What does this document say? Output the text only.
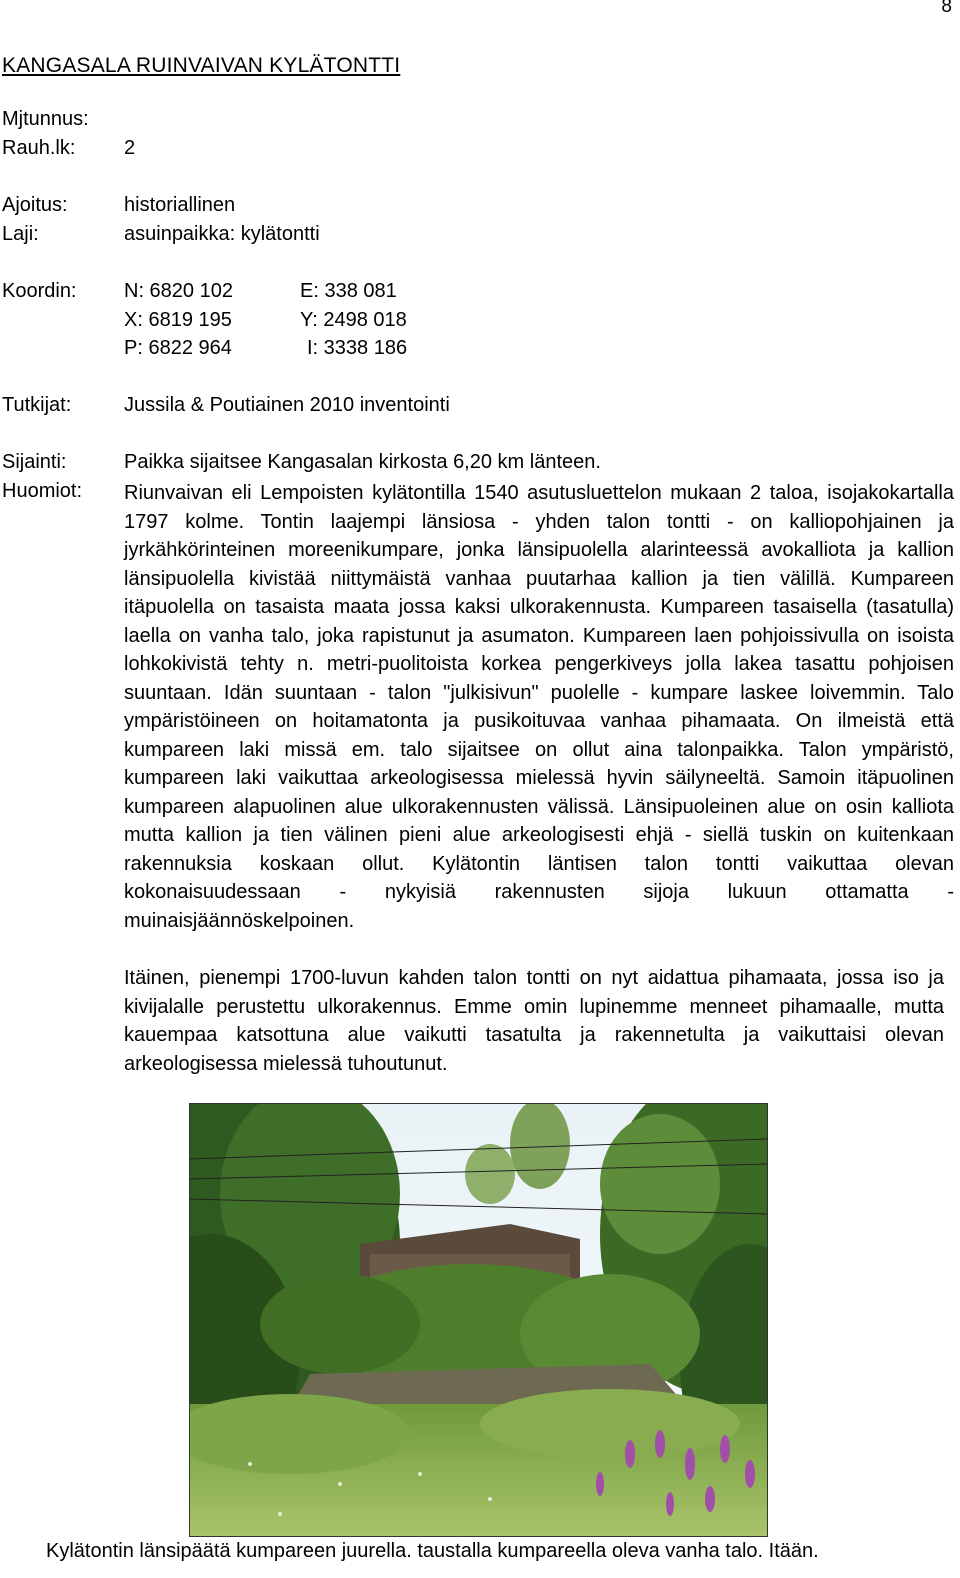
8
KANGASALA RUINVAIVAN KYLÄTONTTI
Mjtunnus:
Rauh.lk: 2
Ajoitus:	historiallinen
Laji:	asuinpaikka: kylätontti
Koordin: N: 6820 102	E: 338 081
X: 6819 195	Y: 2498 018
P: 6822 964	I: 3338 186
Tutkijat:	Jussila & Poutiainen 2010 inventointi
Sijainti:	Paikka sijaitsee Kangasalan kirkosta 6,20 km länteen.
Huomiot: Riunvaivan eli Lempoisten kylätontilla 1540 asutusluettelon mukaan 2 taloa, isojakokartalla 1797 kolme. Tontin laajempi länsiosa - yhden talon tontti - on kalliopohjainen ja jyrkähkörinteinen moreenikumpare, jonka länsipuolella alarinteessä avokalliota ja kallion länsipuolella kivistää niittymäistä vanhaa puutarhaa kallion ja tien välillä. Kumpareen itäpuolella on tasaista maata jossa kaksi ulkorakennusta. Kumpareen tasaisella (tasatulla) laella on vanha talo, joka rapistunut ja asumaton. Kumpareen laen pohjoissivulla on isoista lohkokivistä tehty n. metri-puolitoista korkea pengerkiveys jolla lakea tasattu pohjoisen suuntaan. Idän suuntaan - talon "julkisivun" puolelle - kumpare laskee loivemmin. Talo ympäristöineen on hoitamatonta ja pusikoituvaa vanhaa pihamaata. On ilmeistä että kumpareen laki missä em. talo sijaitsee on ollut aina talonpaikka. Talon ympäristö, kumpareen laki vaikuttaa arkeologisessa mielessä hyvin säilyneeltä. Samoin itäpuolinen kumpareen alapuolinen alue ulkorakennusten välissä. Länsipuoleinen alue on osin kalliota mutta kallion ja tien välinen pieni alue arkeologisesti ehjä - siellä tuskin on kuitenkaan rakennuksia koskaan ollut. Kylätontin läntisen talon tontti vaikuttaa olevan kokonaisuudessaan - nykyisiä rakennusten sijoja lukuun ottamatta - muinaisjäännöskelpoinen.
Itäinen, pienempi 1700-luvun kahden talon tontti on nyt aidattua pihamaata, jossa iso ja kivijalalle perustettu ulkorakennus. Emme omin lupinemme menneet pihamaalle, mutta kauempaa katsottuna alue vaikutti tasatulta ja rakennetulta ja vaikuttaisi olevan arkeologisessa mielessä tuhoutunut.
Kylätontin länsipäätä kumpareen juurella. taustalla kumpareella oleva vanha talo. Itään.
